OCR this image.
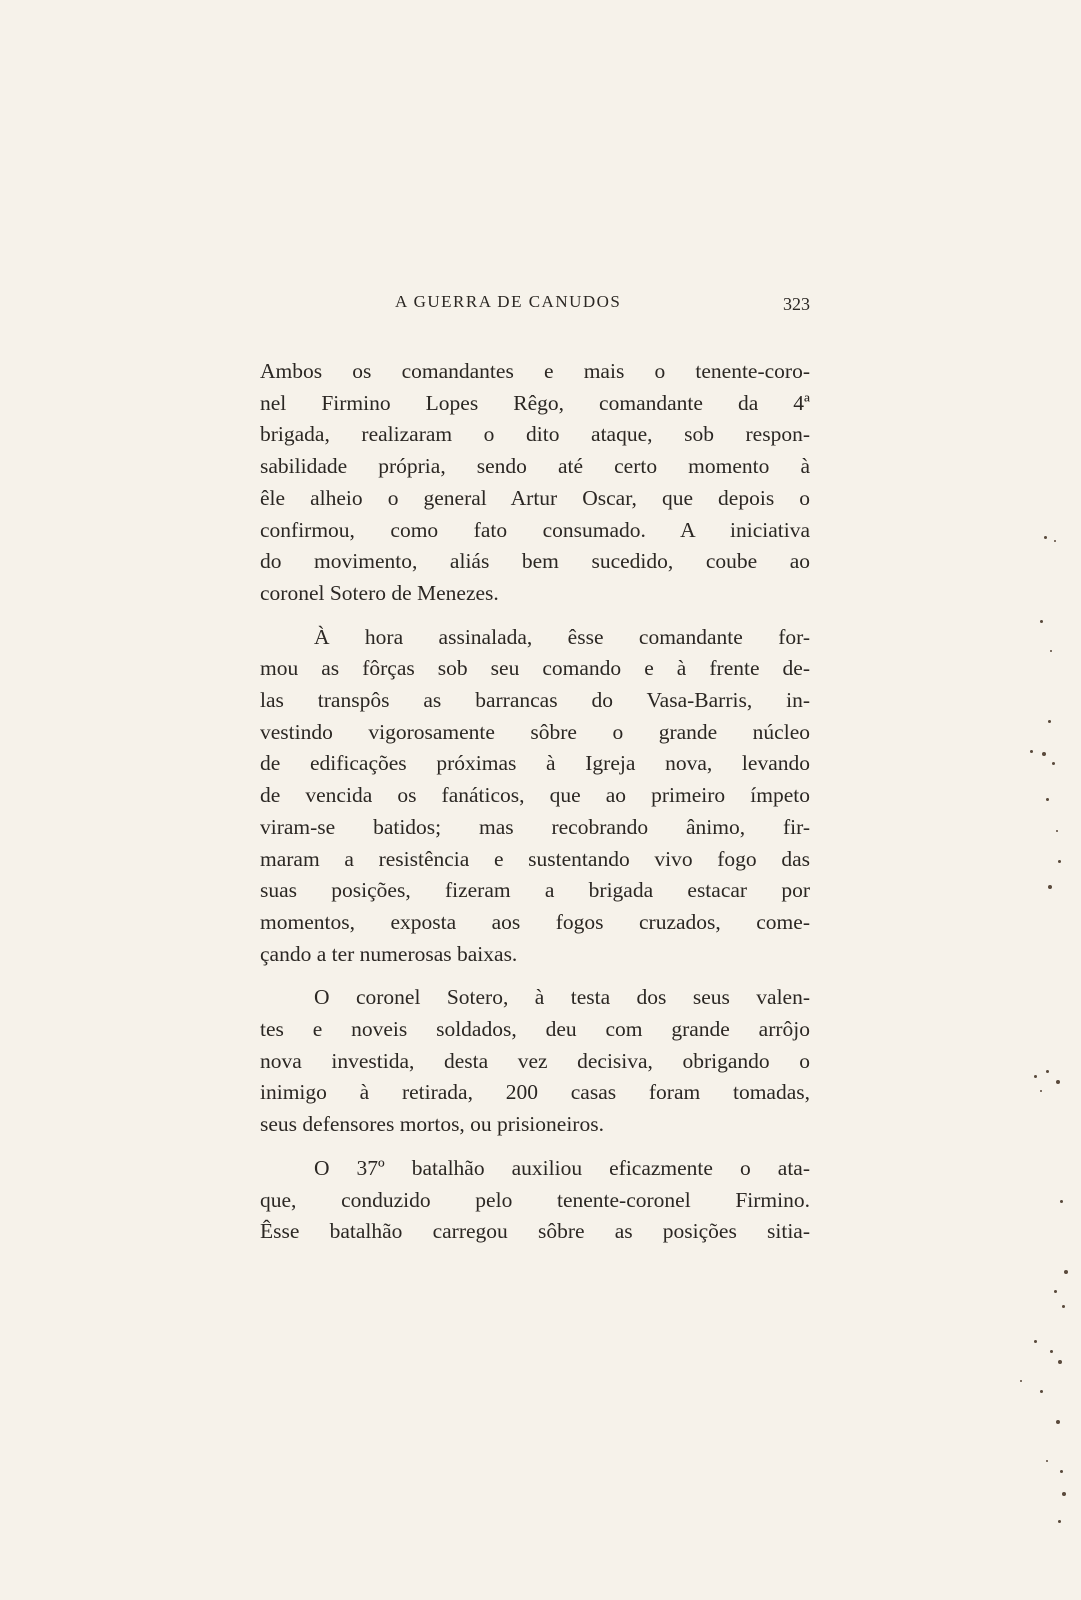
A GUERRA DE CANUDOS	323
Ambos os comandantes e mais o tenente-coro-
nel Firmino Lopes Rêgo, comandante da 4ª
brigada, realizaram o dito ataque, sob respon-
sabilidade própria, sendo até certo momento à
êle alheio o general Artur Oscar, que depois o
confirmou, como fato consumado. A iniciativa
do movimento, aliás bem sucedido, coube ao
coronel Sotero de Menezes.
À hora assinalada, êsse comandante for-
mou as fôrças sob seu comando e à frente de-
las transpôs as barrancas do Vasa-Barris, in-
vestindo vigorosamente sôbre o grande núcleo
de edificações próximas à Igreja nova, levando
de vencida os fanáticos, que ao primeiro ímpeto
viram-se batidos; mas recobrando ânimo, fir-
maram a resistência e sustentando vivo fogo das
suas posições, fizeram a brigada estacar por
momentos, exposta aos fogos cruzados, come-
çando a ter numerosas baixas.
O coronel Sotero, à testa dos seus valen-
tes e noveis soldados, deu com grande arrôjo
nova investida, desta vez decisiva, obrigando o
inimigo à retirada, 200 casas foram tomadas,
seus defensores mortos, ou prisioneiros.
O 37º batalhão auxiliou eficazmente o ata-
que, conduzido pelo tenente-coronel Firmino.
Êsse batalhão carregou sôbre as posições sitia-
